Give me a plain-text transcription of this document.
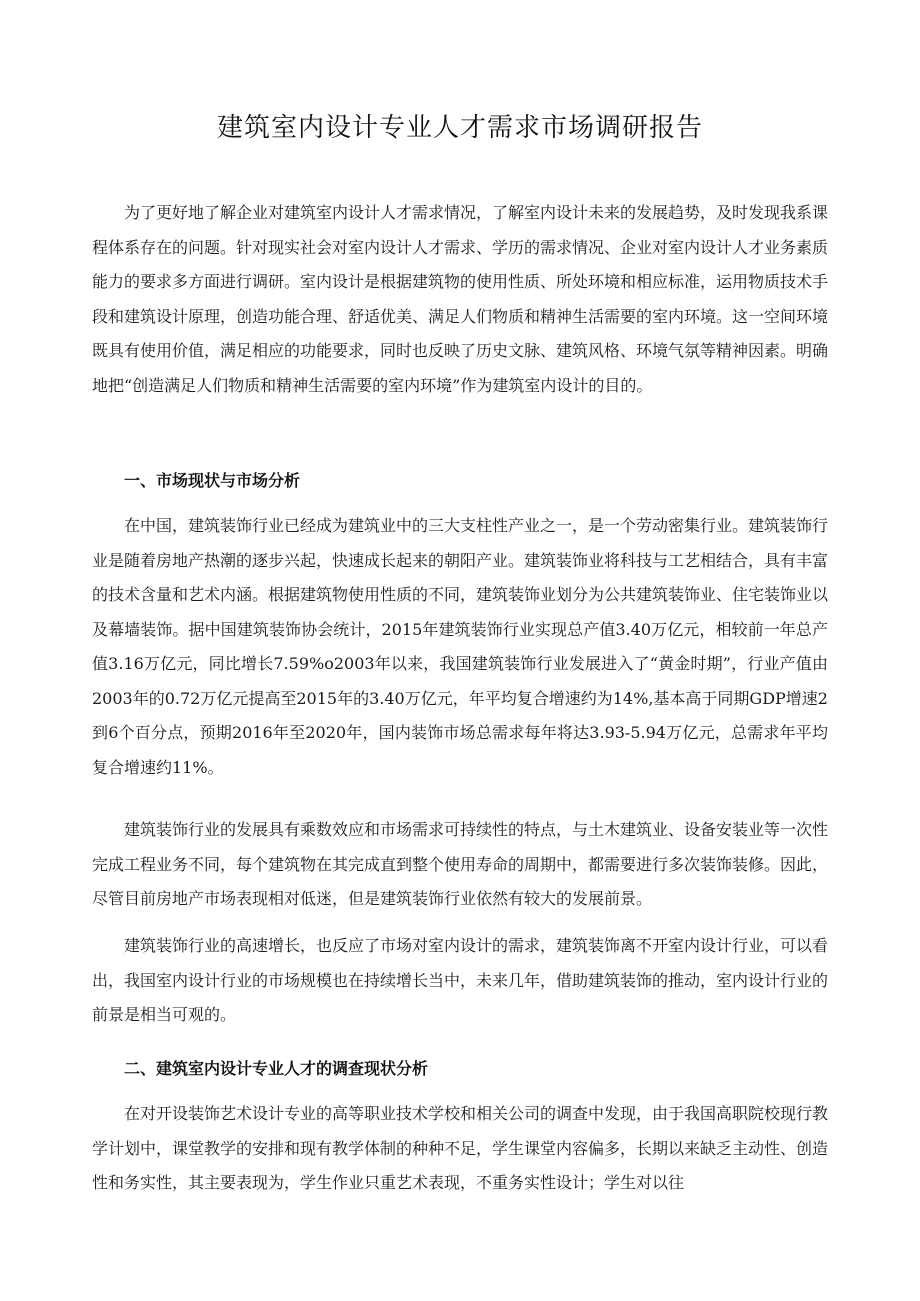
建筑室内设计专业人才需求市场调研报告

为了更好地了解企业对建筑室内设计人才需求情况，了解室内设计未来的发展趋势，及时发现我系课程体系存在的问题。针对现实社会对室内设计人才需求、学历的需求情况、企业对室内设计人才业务素质能力的要求多方面进行调研。室内设计是根据建筑物的使用性质、所处环境和相应标准，运用物质技术手段和建筑设计原理，创造功能合理、舒适优美、满足人们物质和精神生活需要的室内环境。这一空间环境既具有使用价值，满足相应的功能要求，同时也反映了历史文脉、建筑风格、环境气氛等精神因素。明确地把“创造满足人们物质和精神生活需要的室内环境”作为建筑室内设计的目的。

一、市场现状与市场分析

在中国，建筑装饰行业已经成为建筑业中的三大支柱性产业之一，是一个劳动密集行业。建筑装饰行业是随着房地产热潮的逐步兴起，快速成长起来的朝阳产业。建筑装饰业将科技与工艺相结合，具有丰富的技术含量和艺术内涵。根据建筑物使用性质的不同，建筑装饰业划分为公共建筑装饰业、住宅装饰业以及幕墙装饰。据中国建筑装饰协会统计，2015年建筑装饰行业实现总产值3.40万亿元，相较前一年总产值3.16万亿元，同比增长7.59%o2003年以来，我国建筑装饰行业发展进入了“黄金时期”，行业产值由2003年的0.72万亿元提高至2015年的3.40万亿元，年平均复合增速约为14%,基本高于同期GDP增速2到6个百分点，预期2016年至2020年，国内装饰市场总需求每年将达3.93-5.94万亿元，总需求年平均复合增速约11%。

建筑装饰行业的发展具有乘数效应和市场需求可持续性的特点，与土木建筑业、设备安装业等一次性完成工程业务不同，每个建筑物在其完成直到整个使用寿命的周期中，都需要进行多次装饰装修。因此，尽管目前房地产市场表现相对低迷，但是建筑装饰行业依然有较大的发展前景。

建筑装饰行业的高速增长，也反应了市场对室内设计的需求，建筑装饰离不开室内设计行业，可以看出，我国室内设计行业的市场规模也在持续增长当中，未来几年，借助建筑装饰的推动，室内设计行业的前景是相当可观的。

二、建筑室内设计专业人才的调查现状分析

在对开设装饰艺术设计专业的高等职业技术学校和相关公司的调查中发现，由于我国高职院校现行教学计划中，课堂教学的安排和现有教学体制的种种不足，学生课堂内容偏多，长期以来缺乏主动性、创造性和务实性，其主要表现为，学生作业只重艺术表现，不重务实性设计；学生对以往
